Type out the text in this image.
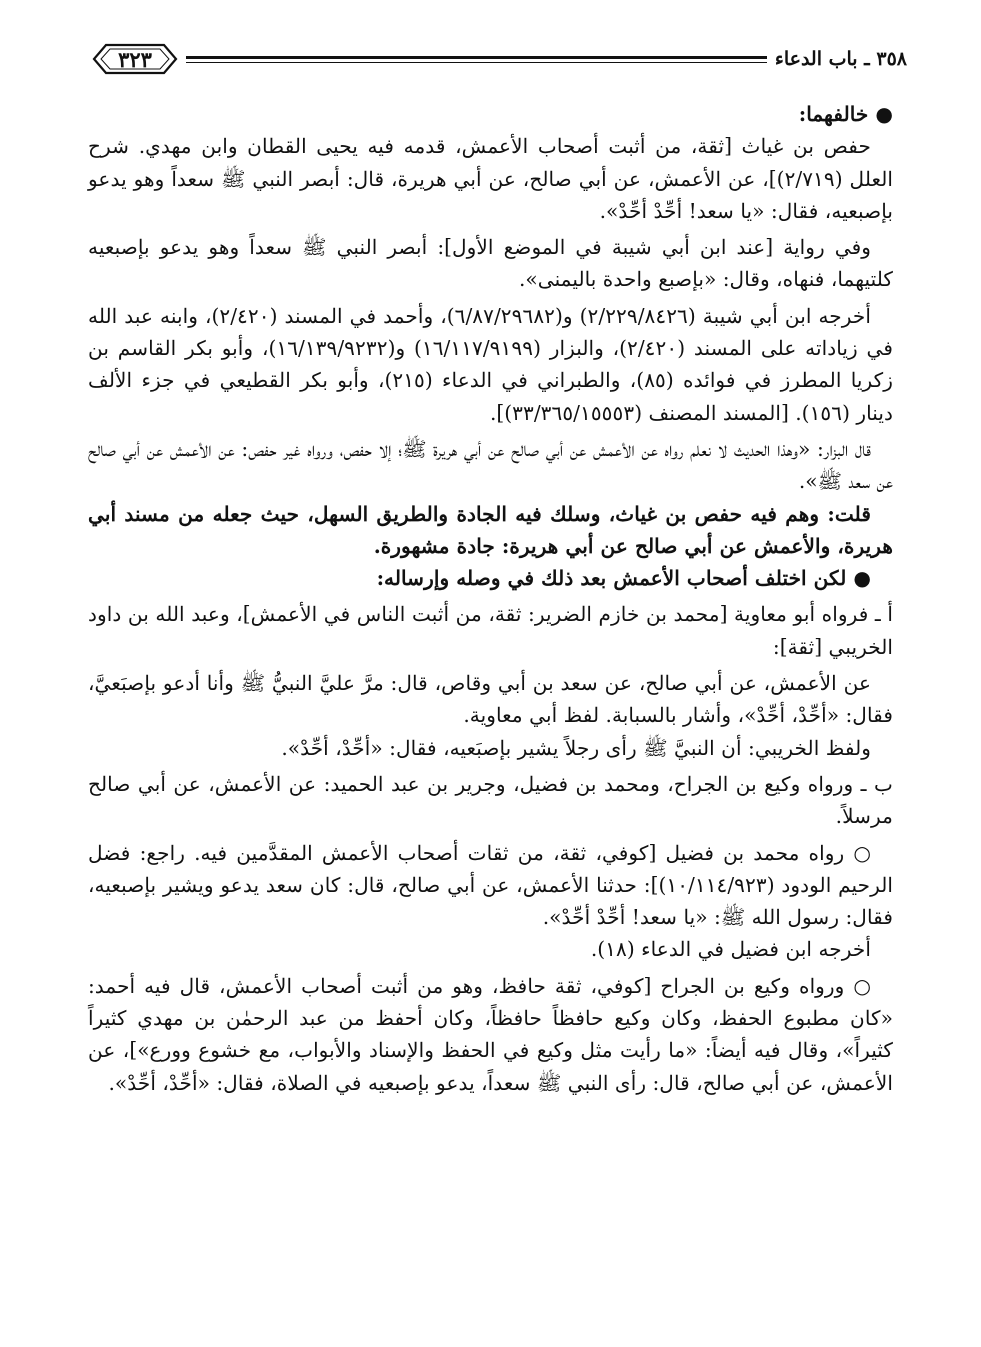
٣٢٣	٣٥٨ ـ باب الدعاء

● خالفهما:

حفص بن غياث [ثقة، من أثبت أصحاب الأعمش، قدمه فيه يحيى القطان وابن مهدي. شرح العلل (٢/٧١٩)]، عن الأعمش، عن أبي صالح، عن أبي هريرة، قال: أبصر النبي ﷺ سعداً وهو يدعو بإصبعيه، فقال: «يا سعد! أحِّدْ أحِّدْ».

وفي رواية [عند ابن أبي شيبة في الموضع الأول]: أبصر النبي ﷺ سعداً وهو يدعو بإصبعيه كلتيهما، فنهاه، وقال: «بإصبع واحدة باليمنى».

أخرجه ابن أبي شيبة (٢/٢٢٩/٨٤٢٦) و(٦/٨٧/٢٩٦٨٢)، وأحمد في المسند (٢/٤٢٠)، وابنه عبد الله في زياداته على المسند (٢/٤٢٠)، والبزار (١٦/١١٧/٩١٩٩) و(١٦/١٣٩/٩٢٣٢)، وأبو بكر القاسم بن زكريا المطرز في فوائده (٨٥)، والطبراني في الدعاء (٢١٥)، وأبو بكر القطيعي في جزء الألف دينار (١٥٦). [المسند المصنف (٣٣/٣٦٥/١٥٥٥٣)].

قال البزار: «وهذا الحديث لا نعلم رواه عن الأعمش عن أبي صالح عن أبي هريرة ﷺ؛ إلا حفص، ورواه غير حفص: عن الأعمش عن أبي صالح عن سعد ﷺ».

قلت: وهم فيه حفص بن غياث، وسلك فيه الجادة والطريق السهل، حيث جعله من مسند أبي هريرة، والأعمش عن أبي صالح عن أبي هريرة: جادة مشهورة.

● لكن اختلف أصحاب الأعمش بعد ذلك في وصله وإرساله:

أ ـ فرواه أبو معاوية [محمد بن خازم الضرير: ثقة، من أثبت الناس في الأعمش]، وعبد الله بن داود الخريبي [ثقة]:

عن الأعمش، عن أبي صالح، عن سعد بن أبي وقاص، قال: مرَّ عليَّ النبيُّ ﷺ وأنا أدعو بإصبَعيَّ، فقال: «أحِّدْ، أحِّدْ»، وأشار بالسبابة. لفظ أبي معاوية.

ولفظ الخريبي: أن النبيَّ ﷺ رأى رجلاً يشير بإصبَعيه، فقال: «أحِّدْ، أحِّدْ».

ب ـ ورواه وكيع بن الجراح، ومحمد بن فضيل، وجرير بن عبد الحميد: عن الأعمش، عن أبي صالح مرسلاً.

○ رواه محمد بن فضيل [كوفي، ثقة، من ثقات أصحاب الأعمش المقدَّمين فيه. راجع: فضل الرحيم الودود (١٠/١١٤/٩٢٣)]: حدثنا الأعمش، عن أبي صالح، قال: كان سعد يدعو ويشير بإصبعيه، فقال: رسول الله ﷺ: «يا سعد! أحِّدْ أحِّدْ».

أخرجه ابن فضيل في الدعاء (١٨).

○ ورواه وكيع بن الجراح [كوفي، ثقة حافظ، وهو من أثبت أصحاب الأعمش، قال فيه أحمد: «كان مطبوع الحفظ، وكان وكيع حافظاً حافظاً، وكان أحفظ من عبد الرحمٰن بن مهدي كثيراً كثيراً»، وقال فيه أيضاً: «ما رأيت مثل وكيع في الحفظ والإسناد والأبواب، مع خشوع وورع»]، عن الأعمش، عن أبي صالح، قال: رأى النبي ﷺ سعداً، يدعو بإصبعيه في الصلاة، فقال: «أحِّدْ، أحِّدْ».
